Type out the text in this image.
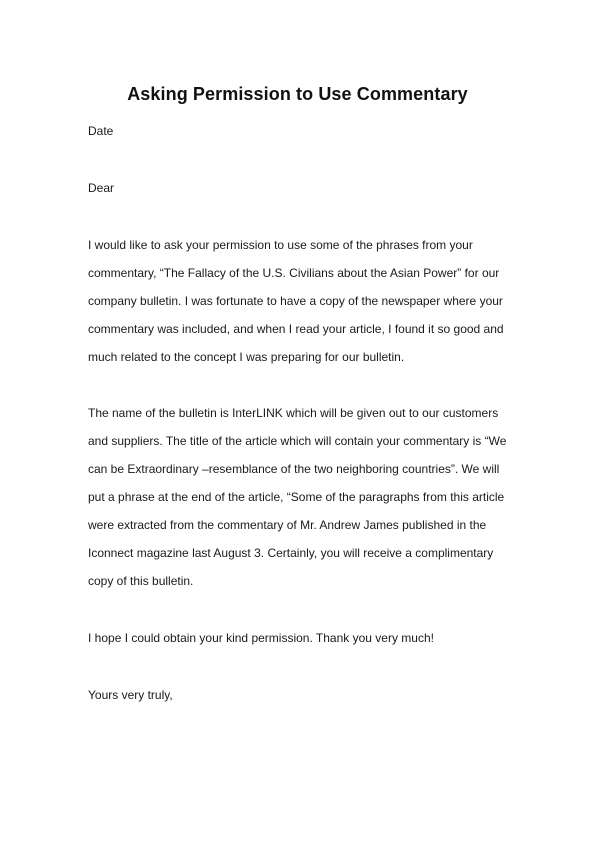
Asking Permission to Use Commentary

Date

Dear

I would like to ask your permission to use some of the phrases from your

commentary, “The Fallacy of the U.S. Civilians about the Asian Power” for our

company bulletin. I was fortunate to have a copy of the newspaper where your

commentary was included, and when I read your article, I found it so good and

much related to the concept I was preparing for our bulletin.

The name of the bulletin is InterLINK which will be given out to our customers

and suppliers. The title of the article which will contain your commentary is “We

can be Extraordinary –resemblance of the two neighboring countries”. We will

put a phrase at the end of the article, “Some of the paragraphs from this article

were extracted from the commentary of Mr. Andrew James published in the

Iconnect magazine last August 3. Certainly, you will receive a complimentary

copy of this bulletin.

I hope I could obtain your kind permission. Thank you very much!

Yours very truly,
